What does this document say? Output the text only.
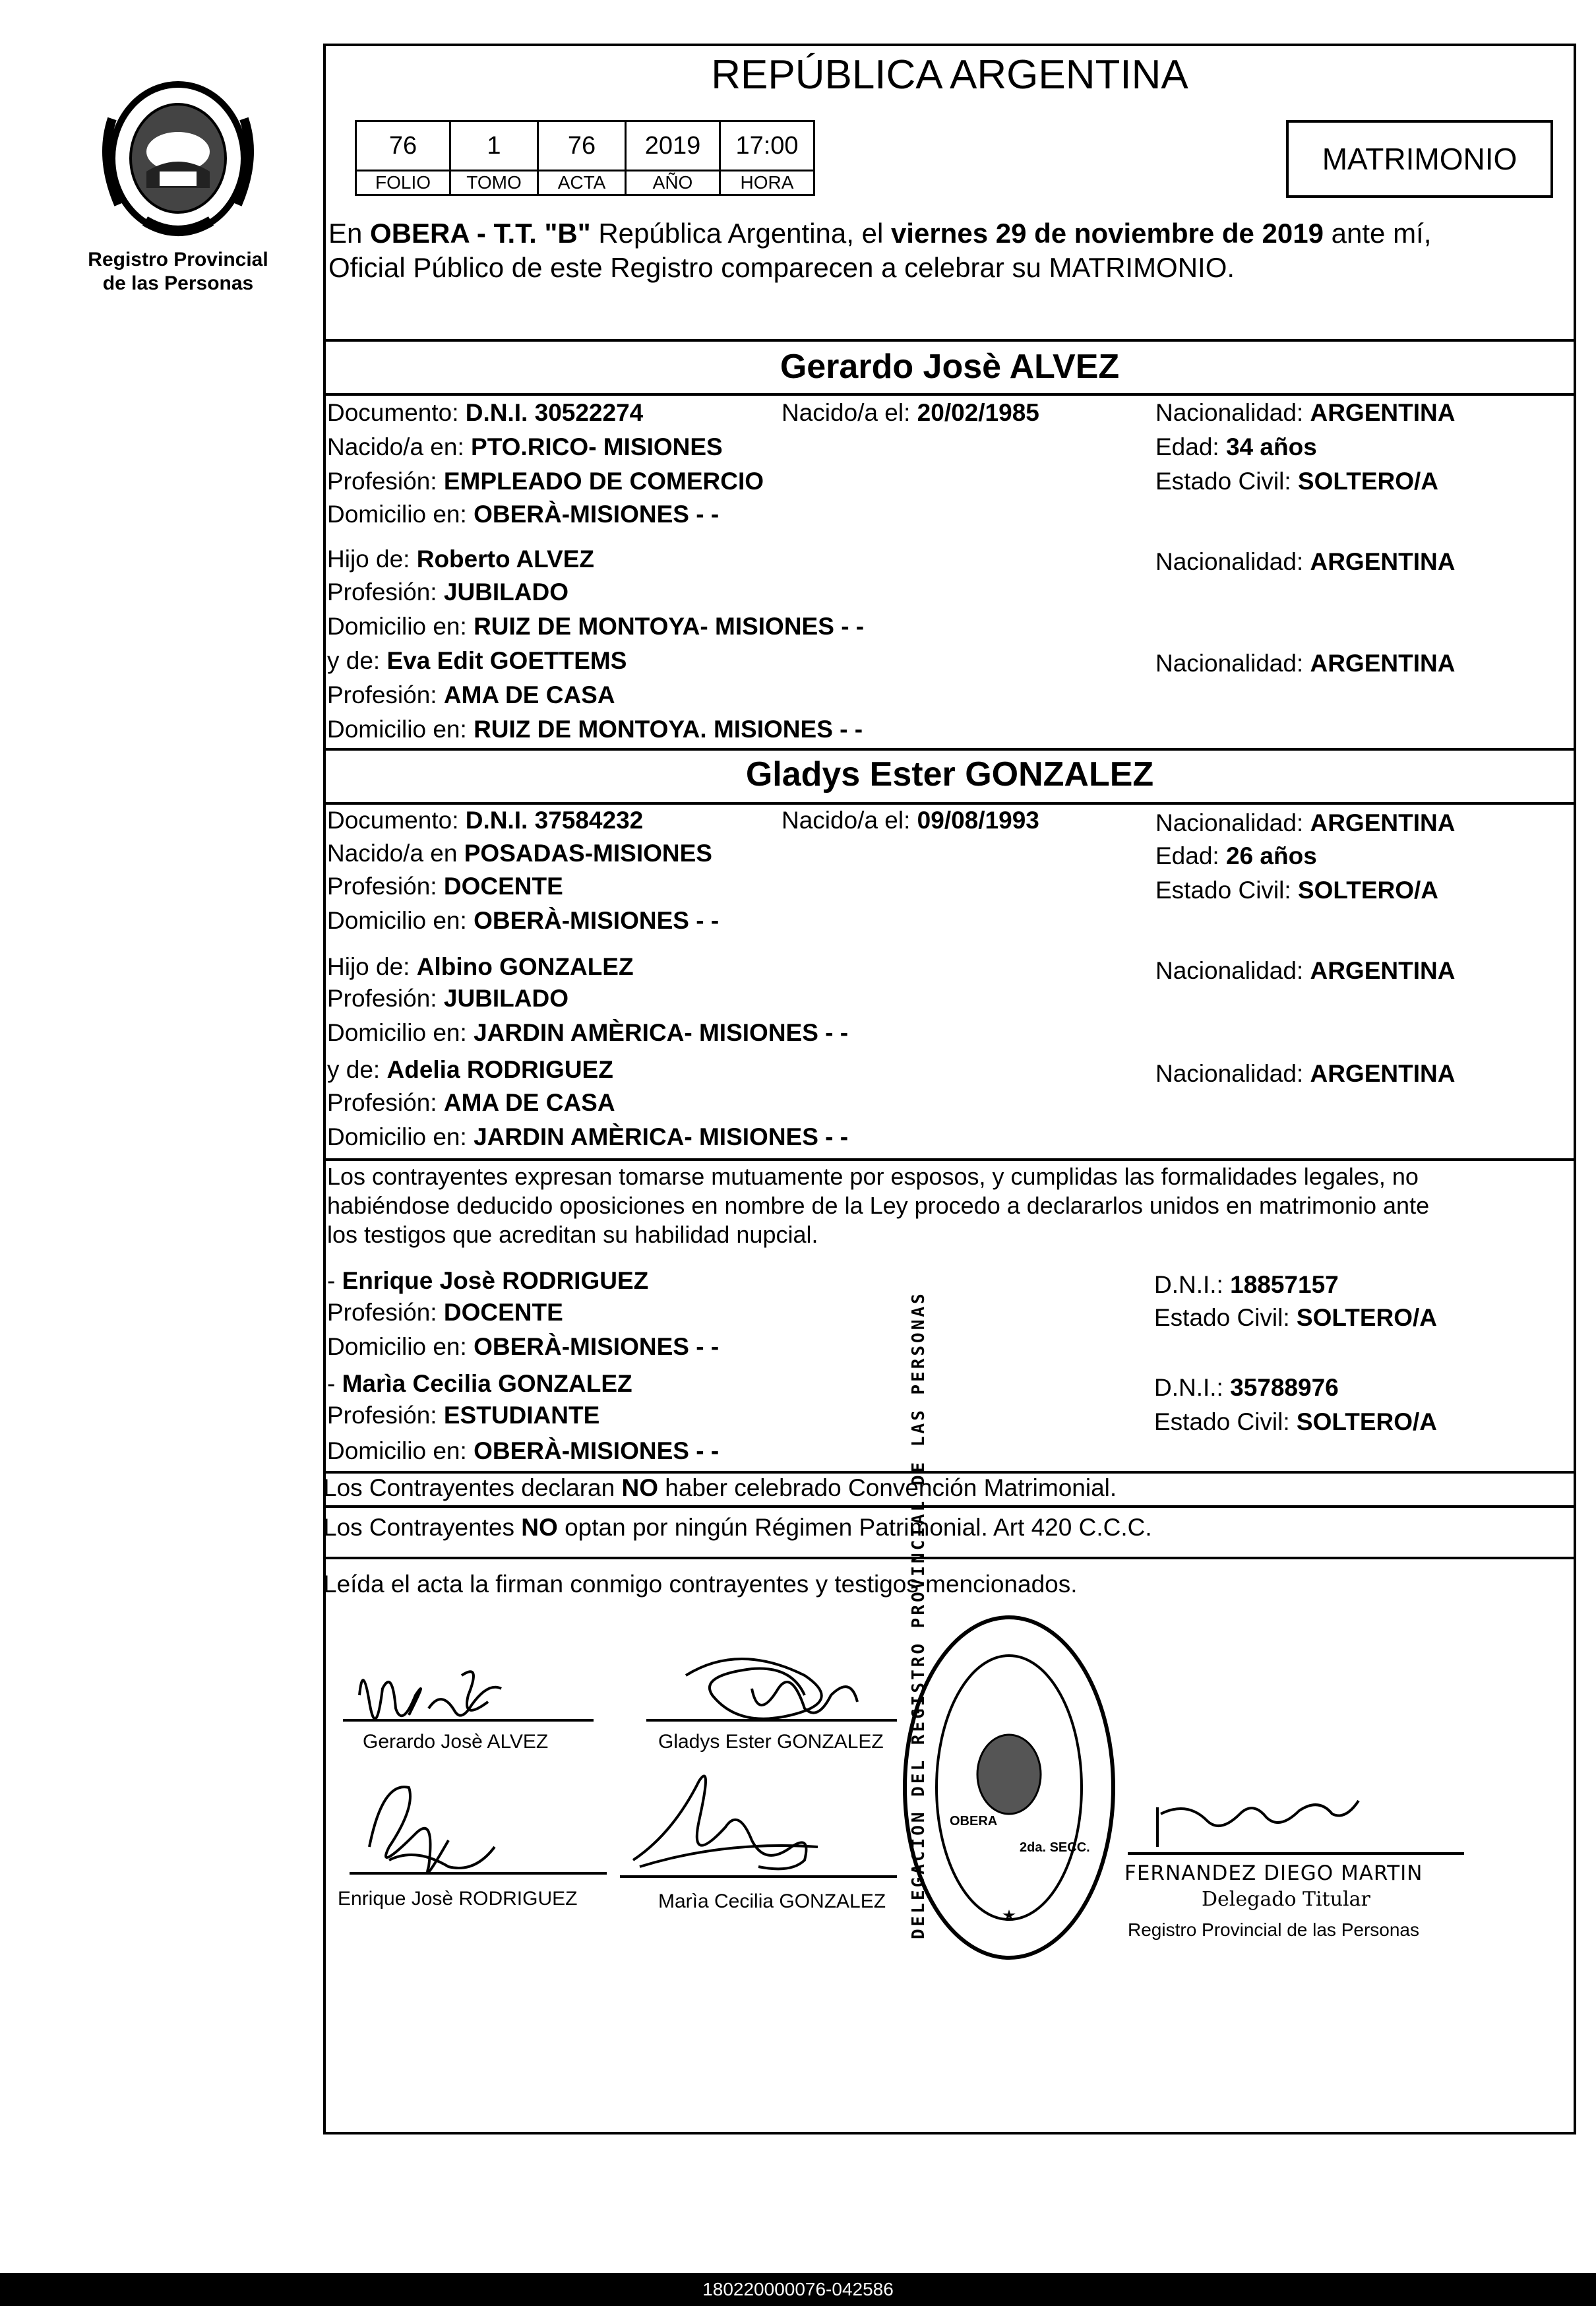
Registro Provincial
de las Personas
REPÚBLICA ARGENTINA
76	1	76	2019	17:00
FOLIO	TOMO	ACTA	AÑO	HORA
MATRIMONIO
En OBERA - T.T. "B" República Argentina, el viernes 29 de noviembre de 2019 ante mí,
Oficial Público de este Registro comparecen a celebrar su MATRIMONIO.
Gerardo Josè ALVEZ
Documento: D.N.I. 30522274	Nacido/a el: 20/02/1985	Nacionalidad: ARGENTINA
Nacido/a en: PTO.RICO- MISIONES	Edad: 34 años
Profesión: EMPLEADO DE COMERCIO	Estado Civil: SOLTERO/A
Domicilio en: OBERÀ-MISIONES - -
Hijo de: Roberto ALVEZ	Nacionalidad: ARGENTINA
Profesión: JUBILADO
Domicilio en: RUIZ DE MONTOYA- MISIONES - -
y de: Eva Edit GOETTEMS	Nacionalidad: ARGENTINA
Profesión: AMA DE CASA
Domicilio en: RUIZ DE MONTOYA. MISIONES - -
Gladys Ester GONZALEZ
Documento: D.N.I. 37584232	Nacido/a el: 09/08/1993	Nacionalidad: ARGENTINA
Nacido/a en POSADAS-MISIONES	Edad: 26 años
Profesión: DOCENTE	Estado Civil: SOLTERO/A
Domicilio en: OBERÀ-MISIONES - -
Hijo de: Albino GONZALEZ	Nacionalidad: ARGENTINA
Profesión: JUBILADO
Domicilio en: JARDIN AMÈRICA- MISIONES - -
y de: Adelia RODRIGUEZ	Nacionalidad: ARGENTINA
Profesión: AMA DE CASA
Domicilio en: JARDIN AMÈRICA- MISIONES - -
Los contrayentes expresan tomarse mutuamente por esposos, y cumplidas las formalidades legales, no
habiéndose deducido oposiciones en nombre de la Ley procedo a declararlos unidos en matrimonio ante
los testigos que acreditan su habilidad nupcial.
- Enrique Josè RODRIGUEZ	D.N.I.: 18857157
Profesión: DOCENTE	Estado Civil: SOLTERO/A
Domicilio en: OBERÀ-MISIONES - -
- Marìa Cecilia GONZALEZ	D.N.I.: 35788976
Profesión: ESTUDIANTE	Estado Civil: SOLTERO/A
Domicilio en: OBERÀ-MISIONES - -
Los Contrayentes declaran NO haber celebrado Convención Matrimonial.
Los Contrayentes NO optan por ningún Régimen Patrimonial. Art 420 C.C.C.
Leída el acta la firman conmigo contrayentes y testigos mencionados.
Gerardo Josè ALVEZ	Gladys Ester GONZALEZ
Enrique Josè RODRIGUEZ	Marìa Cecilia GONZALEZ DELEGACION DEL REGISTRO PROVINCIAL DE LAS PERSONAS	OBERA
2da. SECC.
FERNANDEZ DIEGO MARTIN
Delegado Titular
Registro Provincial de las Personas
180220000076-042586
